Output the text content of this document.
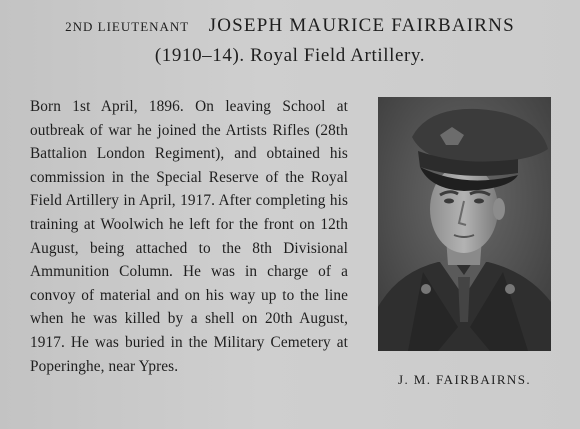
2ND LIEUTENANT JOSEPH MAURICE FAIRBAIRNS
(1910–14). Royal Field Artillery.
Born 1st April, 1896. On leaving School at outbreak of war he joined the Artists Rifles (28th Battalion London Regiment), and obtained his commission in the Special Reserve of the Royal Field Artillery in April, 1917. After completing his training at Woolwich he left for the front on 12th August, being attached to the 8th Divisional Ammunition Column. He was in charge of a convoy of material and on his way up to the line when he was killed by a shell on 20th August, 1917. He was buried in the Military Cemetery at Poperinghe, near Ypres.
J. M. FAIRBAIRNS.
